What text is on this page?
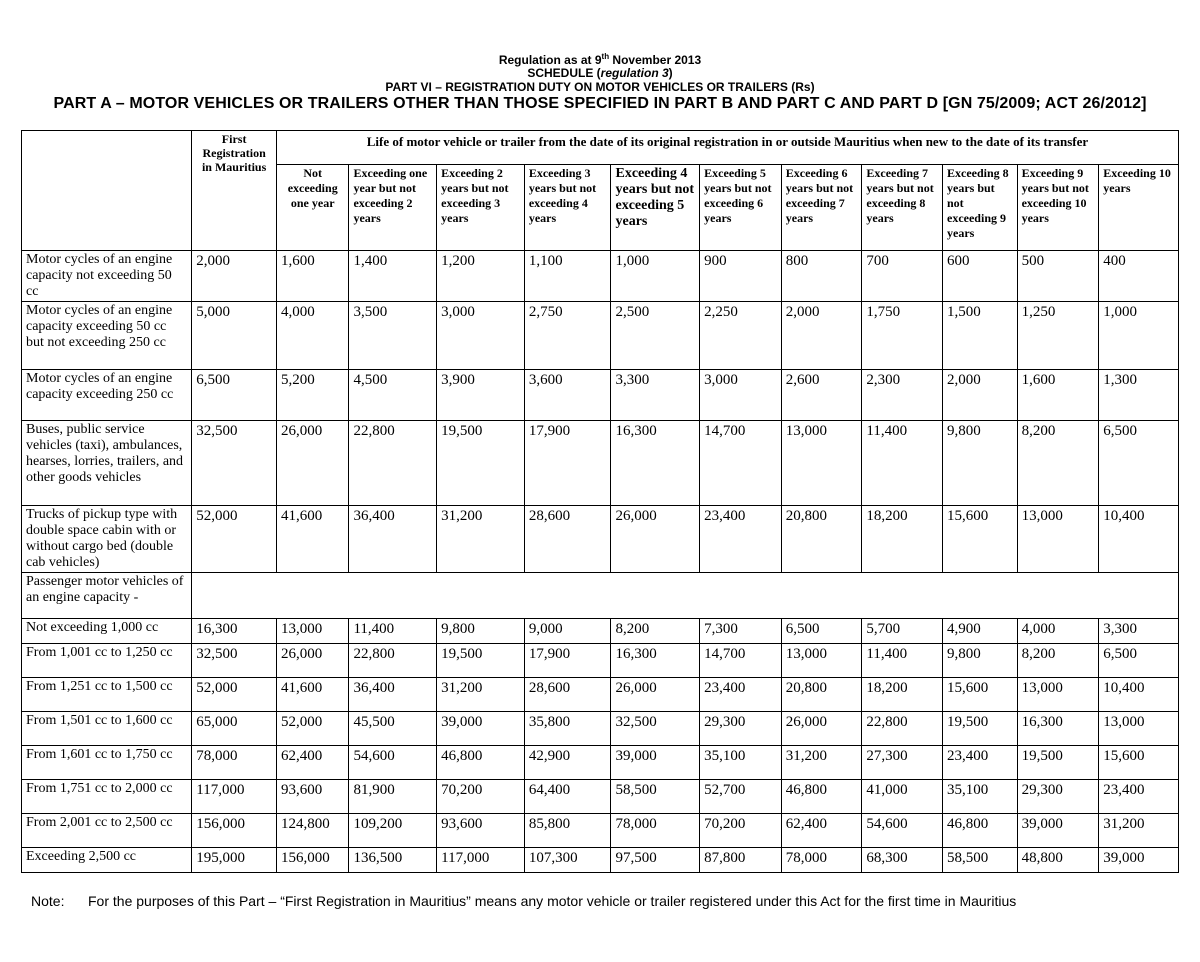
Regulation as at 9th November 2013
SCHEDULE (regulation 3)
PART VI – REGISTRATION DUTY ON MOTOR VEHICLES OR TRAILERS (Rs)
PART A – MOTOR VEHICLES OR TRAILERS OTHER THAN THOSE SPECIFIED IN PART B AND PART C AND PART D [GN 75/2009; ACT 26/2012]
	First Registration in Mauritius	Life of motor vehicle or trailer from the date of its original registration in or outside Mauritius when new to the date of its transfer										
		Not exceeding one year	Exceeding one year but not exceeding 2 years	Exceeding 2 years but not exceeding 3 years	Exceeding 3 years but not exceeding 4 years	Exceeding 4 years but not exceeding 5 years	Exceeding 5 years but not exceeding 6 years	Exceeding 6 years but not exceeding 7 years	Exceeding 7 years but not exceeding 8 years	Exceeding 8 years but not exceeding 9 years	Exceeding 9 years but not exceeding 10 years	Exceeding 10 years
Motor cycles of an engine capacity not exceeding 50 cc	2,000	1,600	1,400	1,200	1,100	1,000	900	800	700	600	500	400
Motor cycles of an engine capacity exceeding 50 cc but not exceeding 250 cc	5,000	4,000	3,500	3,000	2,750	2,500	2,250	2,000	1,750	1,500	1,250	1,000
Motor cycles of an engine capacity exceeding 250 cc	6,500	5,200	4,500	3,900	3,600	3,300	3,000	2,600	2,300	2,000	1,600	1,300
Buses, public service vehicles (taxi), ambulances, hearses, lorries, trailers, and other goods vehicles	32,500	26,000	22,800	19,500	17,900	16,300	14,700	13,000	11,400	9,800	8,200	6,500
Trucks of pickup type with double space cabin with or without cargo bed (double cab vehicles)	52,000	41,600	36,400	31,200	28,600	26,000	23,400	20,800	18,200	15,600	13,000	10,400
Passenger motor vehicles of an engine capacity -												
Not exceeding 1,000 cc	16,300	13,000	11,400	9,800	9,000	8,200	7,300	6,500	5,700	4,900	4,000	3,300
From 1,001 cc to 1,250 cc	32,500	26,000	22,800	19,500	17,900	16,300	14,700	13,000	11,400	9,800	8,200	6,500
From 1,251 cc to 1,500 cc	52,000	41,600	36,400	31,200	28,600	26,000	23,400	20,800	18,200	15,600	13,000	10,400
From 1,501 cc to 1,600 cc	65,000	52,000	45,500	39,000	35,800	32,500	29,300	26,000	22,800	19,500	16,300	13,000
From 1,601 cc to 1,750 cc	78,000	62,400	54,600	46,800	42,900	39,000	35,100	31,200	27,300	23,400	19,500	15,600
From 1,751 cc to 2,000 cc	117,000	93,600	81,900	70,200	64,400	58,500	52,700	46,800	41,000	35,100	29,300	23,400
From 2,001 cc to 2,500 cc	156,000	124,800	109,200	93,600	85,800	78,000	70,200	62,400	54,600	46,800	39,000	31,200
Exceeding 2,500 cc	195,000	156,000	136,500	117,000	107,300	97,500	87,800	78,000	68,300	58,500	48,800	39,000
Note: For the purposes of this Part – “First Registration in Mauritius” means any motor vehicle or trailer registered under this Act for the first time in Mauritius
